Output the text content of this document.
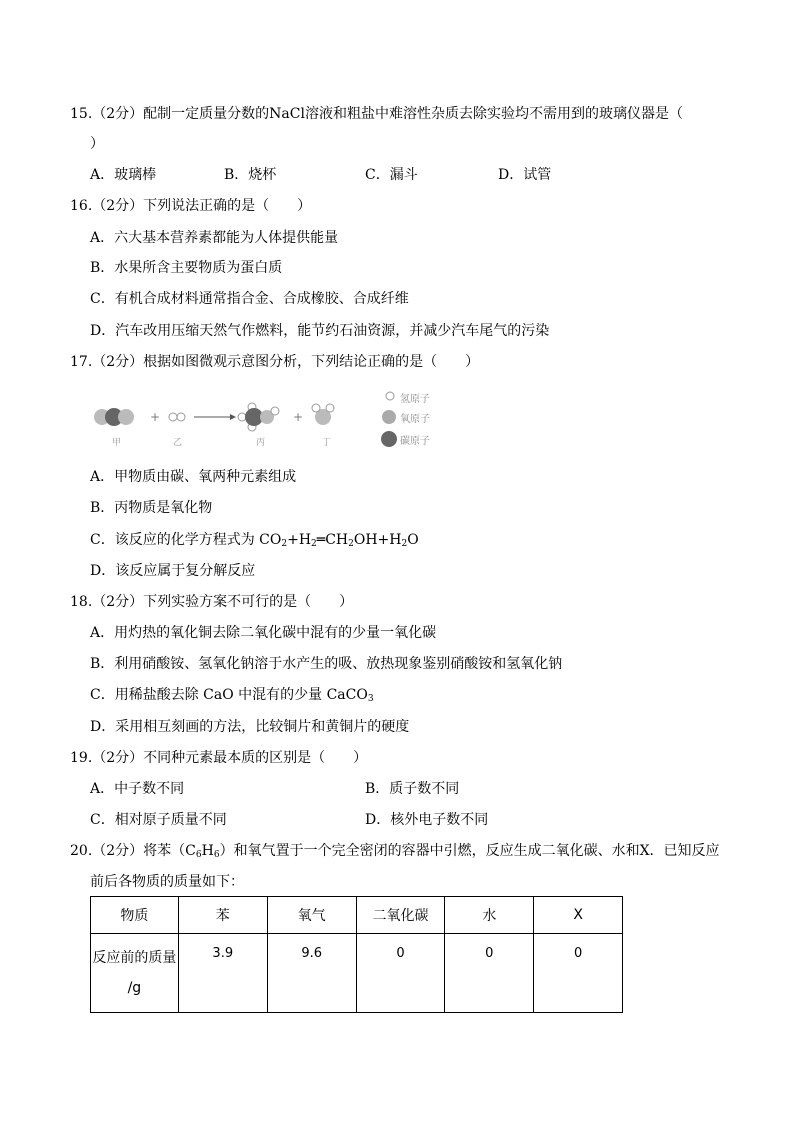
15.（2分）配制一定质量分数的NaCl溶液和粗盐中难溶性杂质去除实验均不需用到的玻璃仪器是（
）
A．玻璃棒	B．烧杯	C．漏斗	D．试管
16.（2分）下列说法正确的是（　　）
A．六大基本营养素都能为人体提供能量
B．水果所含主要物质为蛋白质
C．有机合成材料通常指合金、合成橡胶、合成纤维
D．汽车改用压缩天然气作燃料，能节约石油资源，并减少汽车尾气的污染
17.（2分）根据如图微观示意图分析，下列结论正确的是（　　）
甲
+
乙	丙
+
丁
氢原子
氧原子
碳原子
A．甲物质由碳、氧两种元素组成
B．丙物质是氧化物
C．该反应的化学方程式为 $CO_2+H_2═CH_2OH+H_2O$
D．该反应属于复分解反应
18.（2分）下列实验方案不可行的是（　　）
A．用灼热的氧化铜去除二氧化碳中混有的少量一氧化碳
B．利用硝酸铵、氢氧化钠溶于水产生的吸、放热现象鉴别硝酸铵和氢氧化钠
C．用稀盐酸去除 CaO 中混有的少量 CaCO$_3$
D．采用相互刻画的方法，比较铜片和黄铜片的硬度
19.（2分）不同种元素最本质的区别是（　　）
A．中子数不同	B．质子数不同
C．相对原子质量不同	D．核外电子数不同
20.（2分）将苯$(C_6H_6)$和氧气置于一个完全密闭的容器中引燃，反应生成二氧化碳、水和X．已知反应
前后各物质的质量如下：
物质	苯	氧气	二氧化碳	水	X

反应前的质量
/g	3.9	9.6	0	0	0
